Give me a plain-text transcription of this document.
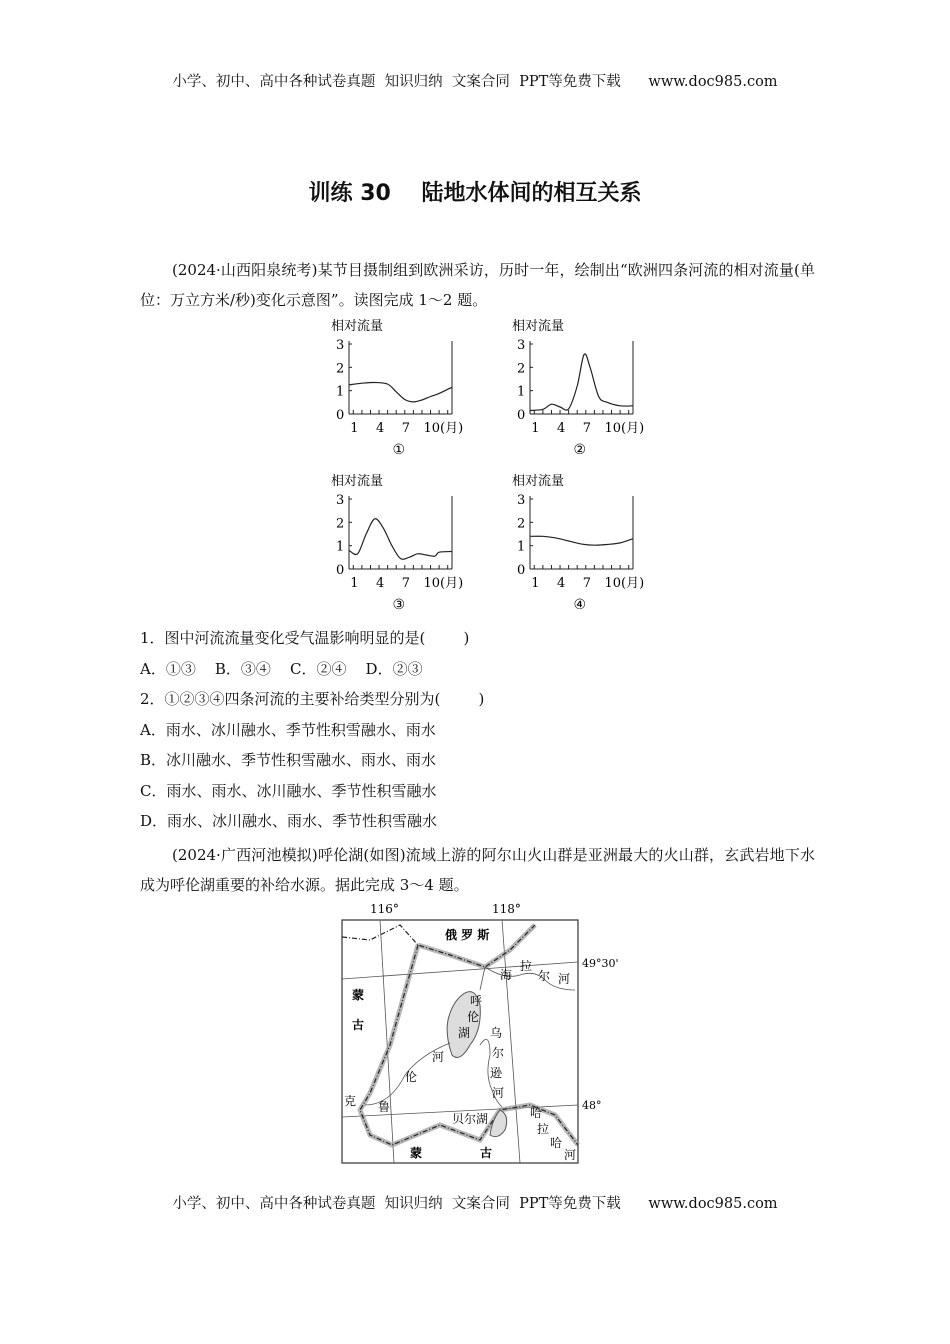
小学、初中、高中各种试卷真题  知识归纳  文案合同  PPT等免费下载      www.doc985.com
训练 30    陆地水体间的相互关系
(2024·山西阳泉统考)某节目摄制组到欧洲采访，历时一年，绘制出“欧洲四条河流的相对流量(单位：万立方米/秒)变化示意图”。读图完成 1～2 题。
相对流量
0
1
2
3
1 4 7 10 (月)
①
相对流量
0
1
2
3
1 4 7 10 (月)
②
相对流量
0
1
2
3
1 4 7 10 (月)
③
相对流量
0
1
2
3
1 4 7 10 (月)
④
1．图中河流流量变化受气温影响明显的是(        )
A．①③    B．③④    C．②④    D．②③
2．①②③④四条河流的主要补给类型分别为(        )
A．雨水、冰川融水、季节性积雪融水、雨水
B．冰川融水、季节性积雪融水、雨水、雨水
C．雨水、雨水、冰川融水、季节性积雪融水
D．雨水、冰川融水、雨水、季节性积雪融水
(2024·广西河池模拟)呼伦湖(如图)流域上游的阿尔山火山群是亚洲最大的火山群，玄武岩地下水成为呼伦湖重要的补给水源。据此完成 3～4 题。
116°	118°
49°30'
48°
俄 罗 斯
蒙
古
蒙	古
呼
伦
湖
海
拉
尔 河
乌
尔
逊
河
克 鲁
伦
河
贝尔湖	哈
拉
哈
河
小学、初中、高中各种试卷真题  知识归纳  文案合同  PPT等免费下载      www.doc985.com
